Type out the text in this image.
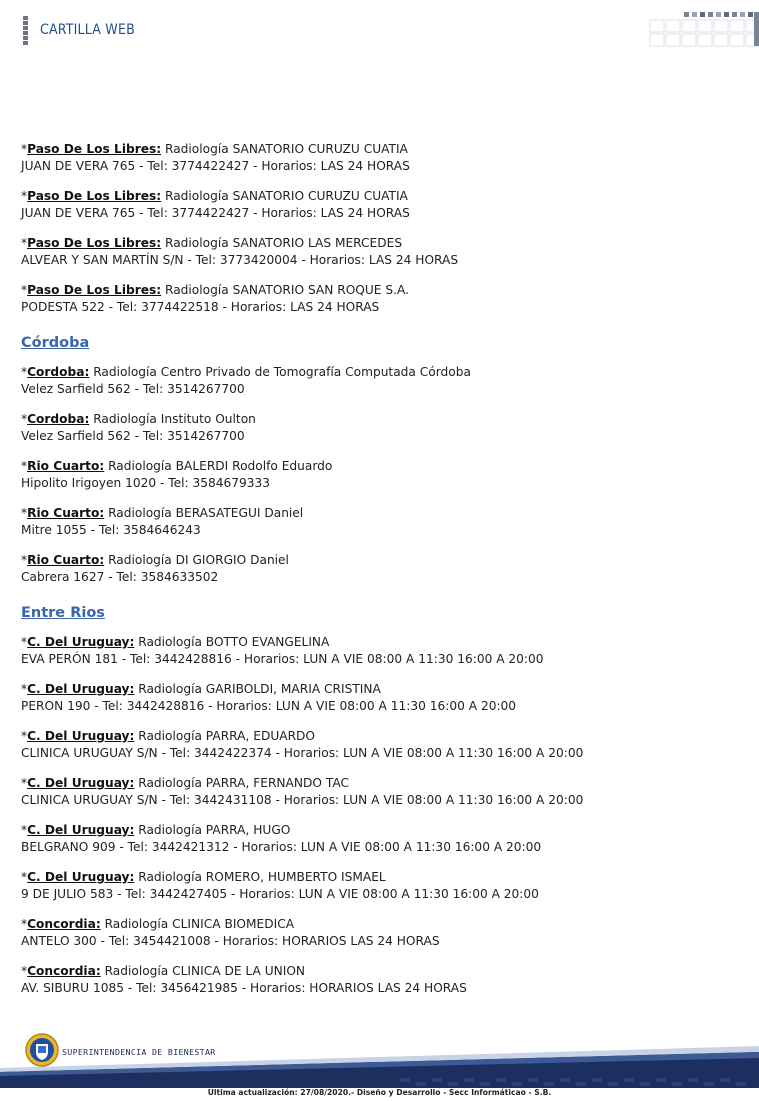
CARTILLA WEB
*Paso De Los Libres: Radiología SANATORIO CURUZU CUATIA
JUAN DE VERA 765 - Tel: 3774422427 - Horarios: LAS 24 HORAS
*Paso De Los Libres: Radiología SANATORIO CURUZU CUATIA
JUAN DE VERA 765 - Tel: 3774422427 - Horarios: LAS 24 HORAS
*Paso De Los Libres: Radiología SANATORIO LAS MERCEDES
ALVEAR Y SAN MARTÍN S/N - Tel: 3773420004 - Horarios: LAS 24 HORAS
*Paso De Los Libres: Radiología SANATORIO SAN ROQUE S.A.
PODESTA 522 - Tel: 3774422518 - Horarios: LAS 24 HORAS
Córdoba
*Cordoba: Radiología Centro Privado de Tomografía Computada Córdoba
Velez Sarfield 562 - Tel: 3514267700
*Cordoba: Radiología Instituto Oulton
Velez Sarfield 562 - Tel: 3514267700
*Rio Cuarto: Radiología BALERDI Rodolfo Eduardo
Hipolito Irigoyen 1020 - Tel: 3584679333
*Rio Cuarto: Radiología BERASATEGUI Daniel
Mitre 1055 - Tel: 3584646243
*Rio Cuarto: Radiología DI GIORGIO Daniel
Cabrera 1627 - Tel: 3584633502
Entre Rios
*C. Del Uruguay: Radiología BOTTO EVANGELINA
EVA PERÓN 181 - Tel: 3442428816 - Horarios: LUN A VIE 08:00 A 11:30 16:00 A 20:00
*C. Del Uruguay: Radiología GARIBOLDI, MARIA CRISTINA
PERON 190 - Tel: 3442428816 - Horarios: LUN A VIE 08:00 A 11:30 16:00 A 20:00
*C. Del Uruguay: Radiología PARRA, EDUARDO
CLINICA URUGUAY S/N - Tel: 3442422374 - Horarios: LUN A VIE 08:00 A 11:30 16:00 A 20:00
*C. Del Uruguay: Radiología PARRA, FERNANDO TAC
CLINICA URUGUAY S/N - Tel: 3442431108 - Horarios: LUN A VIE 08:00 A 11:30 16:00 A 20:00
*C. Del Uruguay: Radiología PARRA, HUGO
BELGRANO 909 - Tel: 3442421312 - Horarios: LUN A VIE 08:00 A 11:30 16:00 A 20:00
*C. Del Uruguay: Radiología ROMERO, HUMBERTO ISMAEL
9 DE JULIO 583 - Tel: 3442427405 - Horarios: LUN A VIE 08:00 A 11:30 16:00 A 20:00
*Concordia: Radiología CLINICA BIOMEDICA
ANTELO 300 - Tel: 3454421008 - Horarios: HORARIOS LAS 24 HORAS
*Concordia: Radiología CLINICA DE LA UNION
AV. SIBURU 1085 - Tel: 3456421985 - Horarios: HORARIOS LAS 24 HORAS
SUPERINTENDENCIA DE BIENESTAR
Ultima actualización: 27/08/2020.- Diseño y Desarrollo - Secc Informáticao - S.B.
